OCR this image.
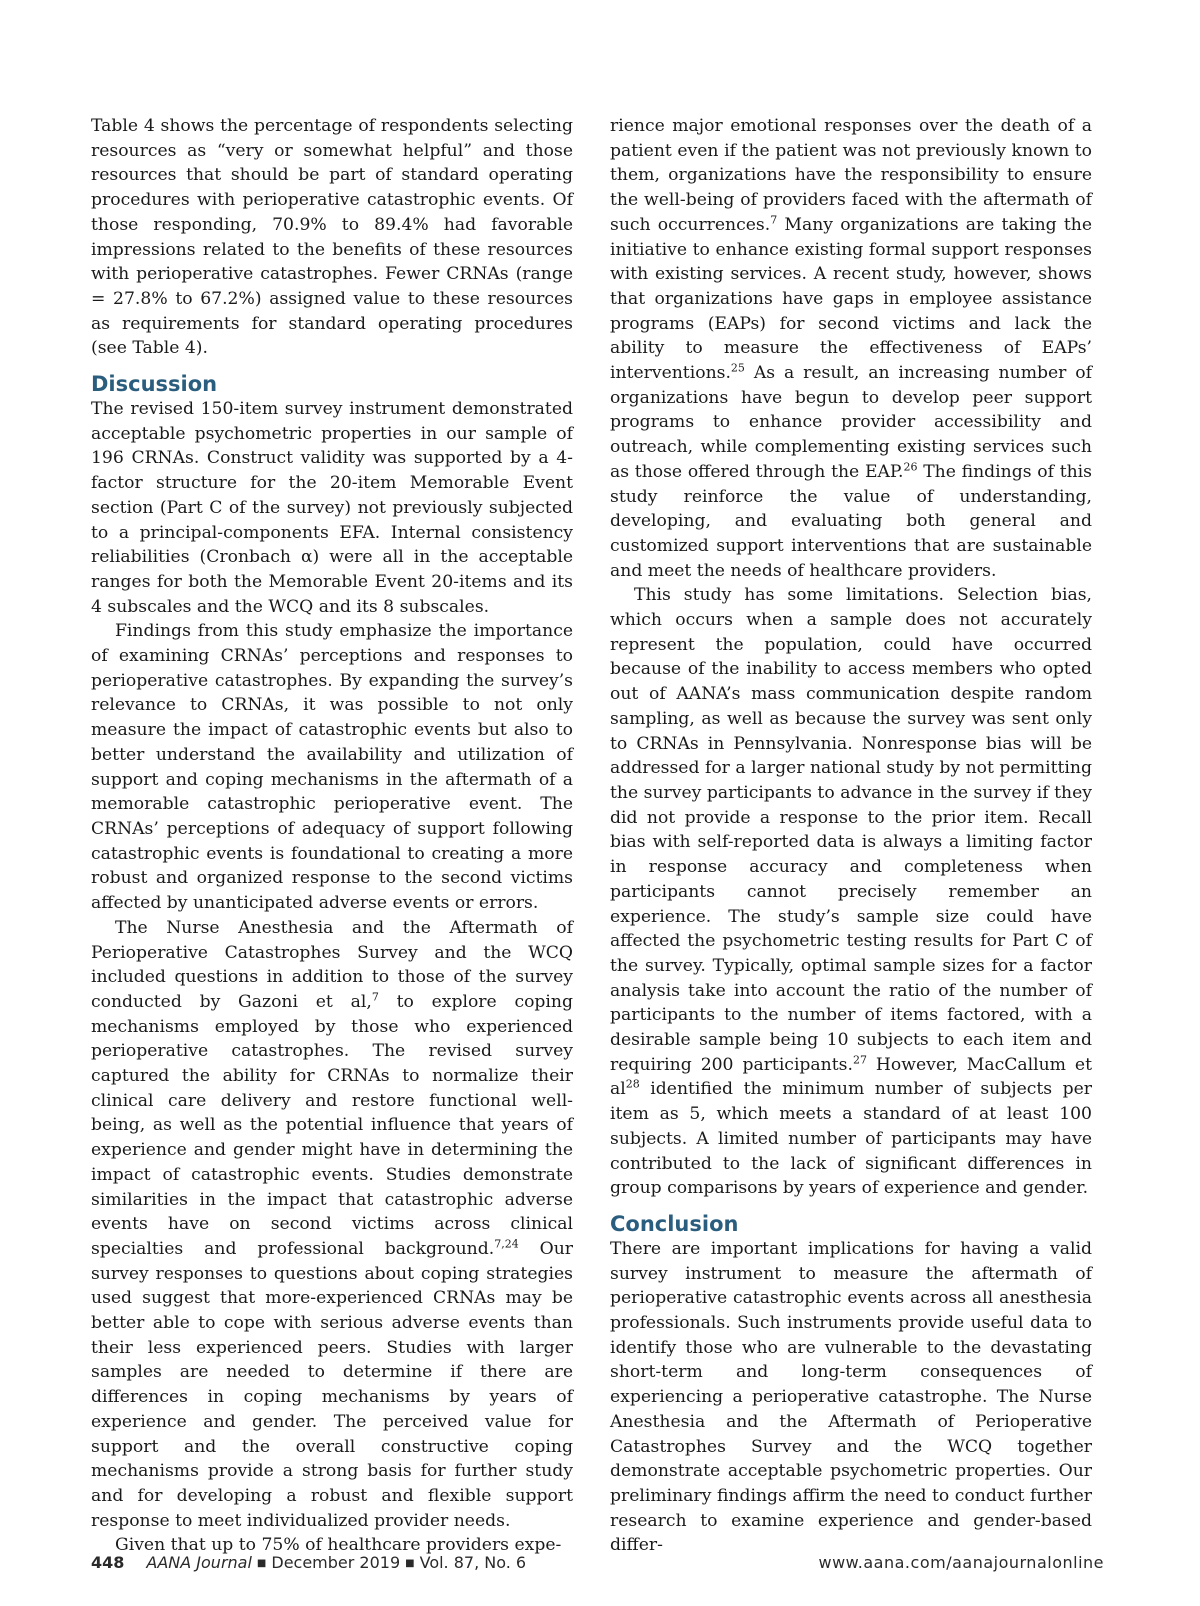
Table 4 shows the percentage of respondents selecting resources as “very or somewhat helpful” and those resources that should be part of standard operating procedures with perioperative catastrophic events. Of those responding, 70.9% to 89.4% had favorable impressions related to the benefits of these resources with perioperative catastrophes. Fewer CRNAs (range = 27.8% to 67.2%) assigned value to these resources as requirements for standard operating procedures (see Table 4).

Discussion

The revised 150-item survey instrument demonstrated acceptable psychometric properties in our sample of 196 CRNAs. Construct validity was supported by a 4-factor structure for the 20-item Memorable Event section (Part C of the survey) not previously subjected to a principal-components EFA. Internal consistency reliabilities (Cronbach α) were all in the acceptable ranges for both the Memorable Event 20-items and its 4 subscales and the WCQ and its 8 subscales.

Findings from this study emphasize the importance of examining CRNAs’ perceptions and responses to perioperative catastrophes. By expanding the survey’s relevance to CRNAs, it was possible to not only measure the impact of catastrophic events but also to better understand the availability and utilization of support and coping mechanisms in the aftermath of a memorable catastrophic perioperative event. The CRNAs’ perceptions of adequacy of support following catastrophic events is foundational to creating a more robust and organized response to the second victims affected by unanticipated adverse events or errors.

The Nurse Anesthesia and the Aftermath of Perioperative Catastrophes Survey and the WCQ included questions in addition to those of the survey conducted by Gazoni et al,$^7$ to explore coping mechanisms employed by those who experienced perioperative catastrophes. The revised survey captured the ability for CRNAs to normalize their clinical care delivery and restore functional well-being, as well as the potential influence that years of experience and gender might have in determining the impact of catastrophic events. Studies demonstrate similarities in the impact that catastrophic adverse events have on second victims across clinical specialties and professional background.$^{7,24}$ Our survey responses to questions about coping strategies used suggest that more-experienced CRNAs may be better able to cope with serious adverse events than their less experienced peers. Studies with larger samples are needed to determine if there are differences in coping mechanisms by years of experience and gender. The perceived value for support and the overall constructive coping mechanisms provide a strong basis for further study and for developing a robust and flexible support response to meet individualized provider needs.

Given that up to 75% of healthcare providers expe-

rience major emotional responses over the death of a patient even if the patient was not previously known to them, organizations have the responsibility to ensure the well-being of providers faced with the aftermath of such occurrences.$^7$ Many organizations are taking the initiative to enhance existing formal support responses with existing services. A recent study, however, shows that organizations have gaps in employee assistance programs (EAPs) for second victims and lack the ability to measure the effectiveness of EAPs’ interventions.$^{25}$ As a result, an increasing number of organizations have begun to develop peer support programs to enhance provider accessibility and outreach, while complementing existing services such as those offered through the EAP.$^{26}$ The findings of this study reinforce the value of understanding, developing, and evaluating both general and customized support interventions that are sustainable and meet the needs of healthcare providers.

This study has some limitations. Selection bias, which occurs when a sample does not accurately represent the population, could have occurred because of the inability to access members who opted out of AANA’s mass communication despite random sampling, as well as because the survey was sent only to CRNAs in Pennsylvania. Nonresponse bias will be addressed for a larger national study by not permitting the survey participants to advance in the survey if they did not provide a response to the prior item. Recall bias with self-reported data is always a limiting factor in response accuracy and completeness when participants cannot precisely remember an experience. The study’s sample size could have affected the psychometric testing results for Part C of the survey. Typically, optimal sample sizes for a factor analysis take into account the ratio of the number of participants to the number of items factored, with a desirable sample being 10 subjects to each item and requiring 200 participants.$^{27}$ However, MacCallum et $al^{28}$ identified the minimum number of subjects per item as 5, which meets a standard of at least 100 subjects. A limited number of participants may have contributed to the lack of significant differences in group comparisons by years of experience and gender.

Conclusion

There are important implications for having a valid survey instrument to measure the aftermath of perioperative catastrophic events across all anesthesia professionals. Such instruments provide useful data to identify those who are vulnerable to the devastating short-term and long-term consequences of experiencing a perioperative catastrophe. The Nurse Anesthesia and the Aftermath of Perioperative Catastrophes Survey and the WCQ together demonstrate acceptable psychometric properties. Our preliminary findings affirm the need to conduct further research to examine experience and gender-based differ-

448 AANA Journal ■ December 2019 ■ Vol. 87, No. 6	www.aana.com/aanajournalonline
